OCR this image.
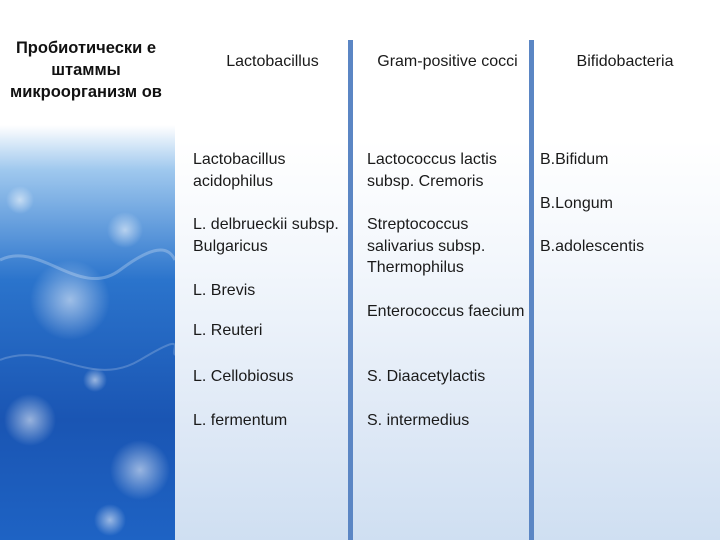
Пробиотически е штаммы микроорганизм ов
Lactobacillus	Gram-positive cocci	Bifidobacteria
Lactobacillus acidophilus
L. delbrueckii subsp. Bulgaricus
L. Brevis
L. Reuteri
L. Cellobiosus
L. fermentum
Lactococcus lactis subsp. Cremoris
Streptococcus salivarius subsp. Thermophilus
Enterococcus faecium
S. Diaacetylactis
S. intermedius
B.Bifidum
B.Longum
B.adolescentis
